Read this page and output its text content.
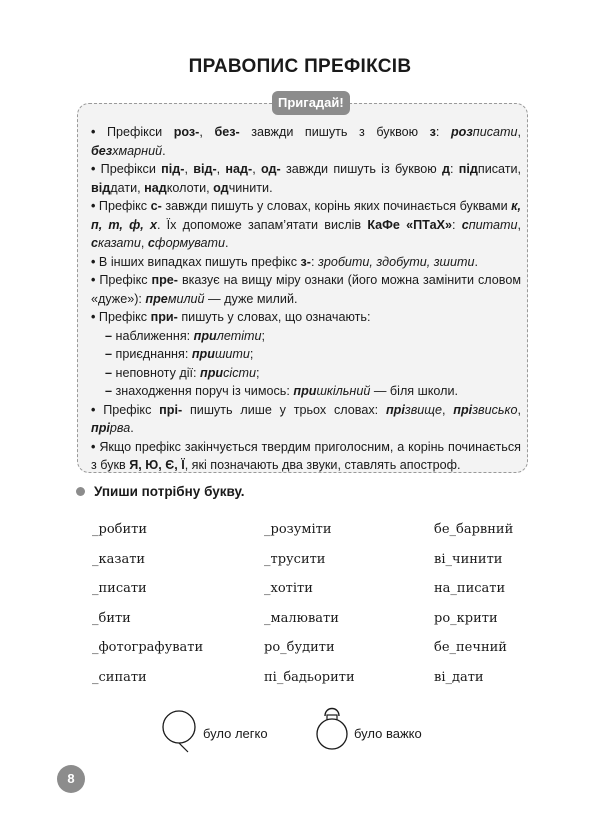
ПРАВОПИС ПРЕФІКСІВ
Пригадай!

• Префікси роз-, без- завжди пишуть з буквою з: розписати, безхмарний.

• Префікси під-, від-, над-, од- завжди пишуть із буквою д: підписати, віддати, надколоти, одчинити.

• Префікс с- завжди пишуть у словах, корінь яких починається буквами к, п, т, ф, х. Їх допоможе запам’ятати вислів КаФе «ПТаХ»: спитати, сказати, сформувати.

• В інших випадках пишуть префікс з-: зробити, здобути, зшити.

• Префікс пре- вказує на вищу міру ознаки (його можна замінити словом «дуже»): премилий — дуже милий.

• Префікс при- пишуть у словах, що означають:

– наближення: прилетіти;

– приєднання: пришити;

– неповноту дії: присісти;

– знаходження поруч із чимось: пришкільний — біля школи.

• Префікс прі- пишуть лише у трьох словах: прізвище, прізвисько, прірва.

• Якщо префікс закінчується твердим приголосним, а корінь починається з букв Я, Ю, Є, Ї, які позначають два звуки, ставлять апостроф.

Упиши потрібну букву.
_робити
_казати
_писати
_бити
_фотографувати
_сипати
_розуміти
_трусити
_хотіти
_малювати
ро_будити
пі_бадьорити
бе_барвний
ві_чинити
на_писати
ро_крити
бе_печний
ві_дати
було легко	було важко
8
